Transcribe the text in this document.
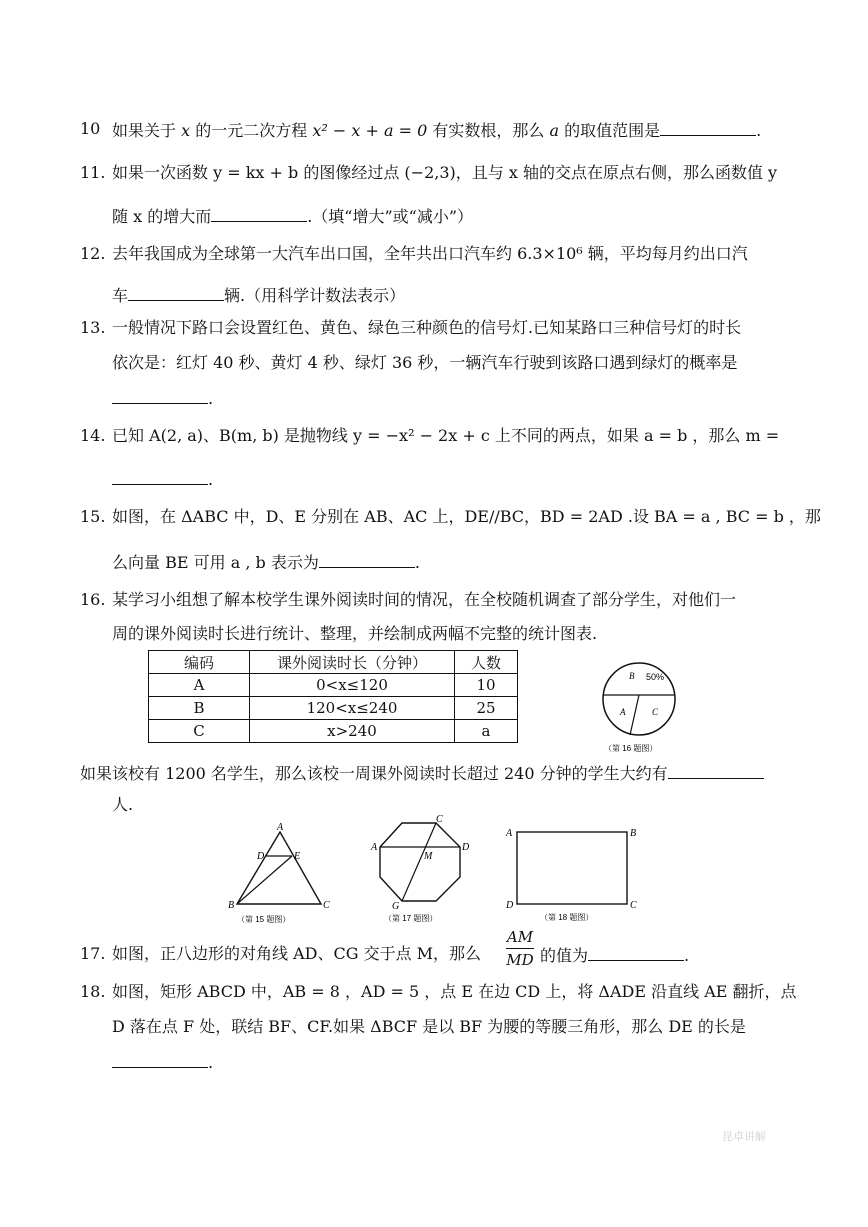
10 如果关于 x 的一元二次方程 x² − x + a = 0 有实数根，那么 a 的取值范围是	.
11. 如果一次函数 y = kx + b 的图像经过点 (−2,3)，且与 x 轴的交点在原点右侧，那么函数值 y
随 x 的增大而	.（填“增大”或“减小”）
12. 去年我国成为全球第一大汽车出口国，全年共出口汽车约 6.3×10⁶ 辆，平均每月约出口汽
车	辆.（用科学计数法表示）
13. 一般情况下路口会设置红色、黄色、绿色三种颜色的信号灯.已知某路口三种信号灯的时长
依次是：红灯 40 秒、黄灯 4 秒、绿灯 36 秒，一辆汽车行驶到该路口遇到绿灯的概率是
.
14. 已知 A(2, a)、B(m, b) 是抛物线 y = −x² − 2x + c 上不同的两点，如果 a = b ，那么 m =
.
15. 如图，在 ΔABC 中，D、E 分别在 AB、AC 上，DE//BC，BD = 2AD .设 BA = a , BC = b ，那
么向量 BE 可用 a , b 表示为	.
16. 某学习小组想了解本校学生课外阅读时间的情况，在全校随机调查了部分学生，对他们一
周的课外阅读时长进行统计、整理，并绘制成两幅不完整的统计图表.
编码	课外阅读时长（分钟）	人数
A	0<x≤120	10
B	120<x≤240	25
C	x>240	a
B 50%
A	C
（第 16 题图）
如果该校有 1200 名学生，那么该校一周课外阅读时长超过 240 分钟的学生大约有
人.
A
D	E
B	C
（第 15 题图）
A
C
D
M
G
（第 17 题图）
A	B
D	C
（第 18 题图）
17. 如图，正八边形的对角线 AD、CG 交于点 M，那么
AM
MD 的值为	.
18. 如图，矩形 ABCD 中，AB = 8 ，AD = 5 ，点 E 在边 CD 上，将 ΔADE 沿直线 AE 翻折，点
D 落在点 F 处，联结 BF、CF.如果 ΔBCF 是以 BF 为腰的等腰三角形，那么 DE 的长是
.
昆卓讲解
